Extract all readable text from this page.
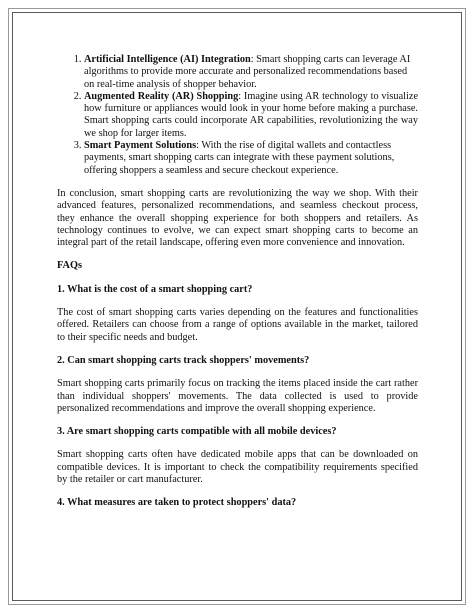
1. Artificial Intelligence (AI) Integration: Smart shopping carts can leverage AI algorithms to provide more accurate and personalized recommendations based on real-time analysis of shopper behavior.
2. Augmented Reality (AR) Shopping: Imagine using AR technology to visualize how furniture or appliances would look in your home before making a purchase. Smart shopping carts could incorporate AR capabilities, revolutionizing the way we shop for larger items.
3. Smart Payment Solutions: With the rise of digital wallets and contactless payments, smart shopping carts can integrate with these payment solutions, offering shoppers a seamless and secure checkout experience.

In conclusion, smart shopping carts are revolutionizing the way we shop. With their advanced features, personalized recommendations, and seamless checkout process, they enhance the overall shopping experience for both shoppers and retailers. As technology continues to evolve, we can expect smart shopping carts to become an integral part of the retail landscape, offering even more convenience and innovation.

FAQs

1. What is the cost of a smart shopping cart?

The cost of smart shopping carts varies depending on the features and functionalities offered. Retailers can choose from a range of options available in the market, tailored to their specific needs and budget.

2. Can smart shopping carts track shoppers' movements?

Smart shopping carts primarily focus on tracking the items placed inside the cart rather than individual shoppers' movements. The data collected is used to provide personalized recommendations and improve the overall shopping experience.

3. Are smart shopping carts compatible with all mobile devices?

Smart shopping carts often have dedicated mobile apps that can be downloaded on compatible devices. It is important to check the compatibility requirements specified by the retailer or cart manufacturer.

4. What measures are taken to protect shoppers' data?
